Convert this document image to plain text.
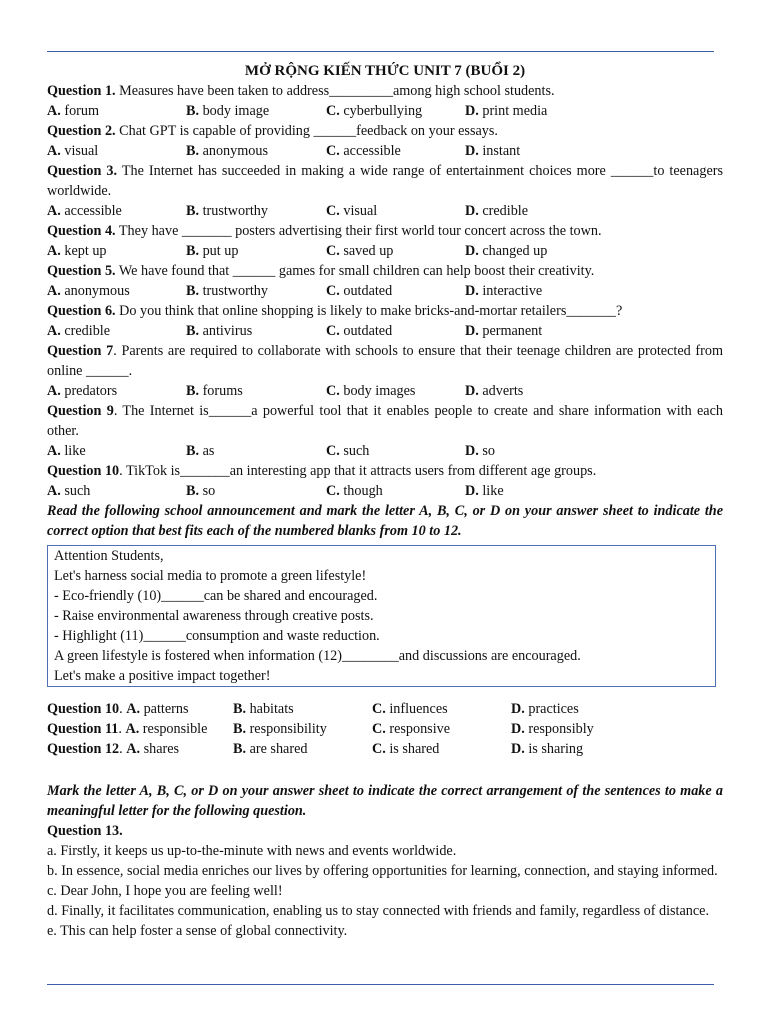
MỞ RỘNG KIẾN THỨC UNIT 7 (BUỔI 2)
Question 1. Measures have been taken to address_________among high school students.
A. forum	B. body image	C. cyberbullying	D. print media
Question 2. Chat GPT is capable of providing ______feedback on your essays.
A. visual	B. anonymous	C. accessible	D. instant
Question 3. The Internet has succeeded in making a wide range of entertainment choices more ______to teenagers worldwide.
A. accessible	B. trustworthy	C. visual	D. credible
Question 4. They have _______ posters advertising their first world tour concert across the town.
A. kept up	B. put up	C. saved up	D. changed up
Question 5. We have found that ______ games for small children can help boost their creativity.
A. anonymous	B. trustworthy	C. outdated	D. interactive
Question 6. Do you think that online shopping is likely to make bricks-and-mortar retailers_______?
A. credible	B. antivirus	C. outdated	D. permanent
Question 7. Parents are required to collaborate with schools to ensure that their teenage children are protected from online ______.
A. predators	B. forums	C. body images	D. adverts
Question 9. The Internet is______a powerful tool that it enables people to create and share information with each other.
A. like	B. as	C. such	D. so
Question 10. TikTok is_______an interesting app that it attracts users from different age groups.
A. such	B. so	C. though	D. like
Read the following school announcement and mark the letter A, B, C, or D on your answer sheet to indicate the correct option that best fits each of the numbered blanks from 10 to 12.
Attention Students,
Let's harness social media to promote a green lifestyle!
- Eco-friendly (10)______can be shared and encouraged.
- Raise environmental awareness through creative posts.
- Highlight (11)______consumption and waste reduction.
A green lifestyle is fostered when information (12)________and discussions are encouraged.
Let's make a positive impact together!
Question 10. A. patterns	B. habitats	C. influences	D. practices
Question 11. A. responsible B. responsibility	C. responsive	D. responsibly
Question 12. A. shares	B. are shared	C. is shared	D. is sharing
Mark the letter A, B, C, or D on your answer sheet to indicate the correct arrangement of the sentences to make a meaningful letter for the following question.
Question 13.
a. Firstly, it keeps us up-to-the-minute with news and events worldwide.
b. In essence, social media enriches our lives by offering opportunities for learning, connection, and staying informed.
c. Dear John, I hope you are feeling well!
d. Finally, it facilitates communication, enabling us to stay connected with friends and family, regardless of distance.
e. This can help foster a sense of global connectivity.
